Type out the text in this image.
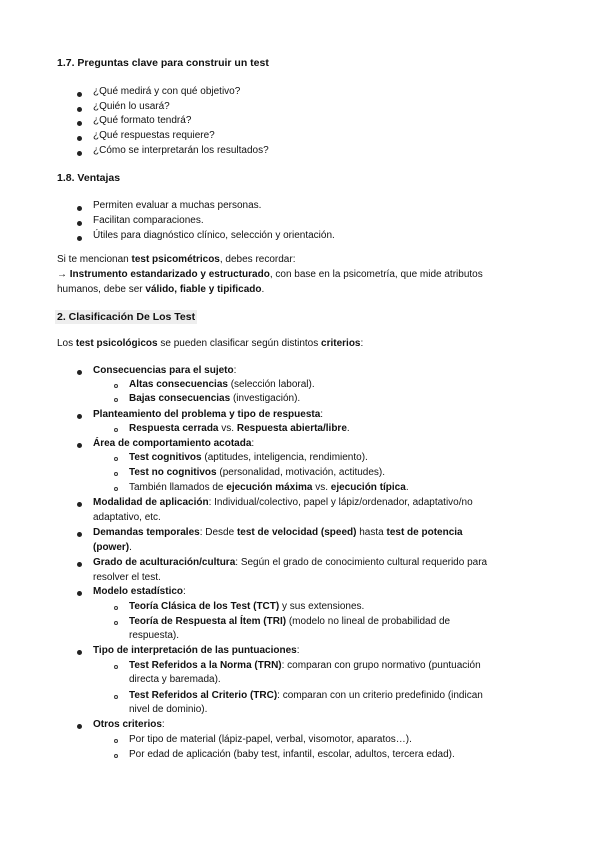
1.7. Preguntas clave para construir un test

¿Qué medirá y con qué objetivo?

¿Quién lo usará?

¿Qué formato tendrá?

¿Qué respuestas requiere?

¿Cómo se interpretarán los resultados?

1.8. Ventajas

Permiten evaluar a muchas personas.

Facilitan comparaciones.

Útiles para diagnóstico clínico, selección y orientación.

Si te mencionan test psicométricos, debes recordar:

→ Instrumento estandarizado y estructurado, con base en la psicometría, que mide atributos

humanos, debe ser válido, fiable y tipificado.

2. Clasificación De Los Test

Los test psicológicos se pueden clasificar según distintos criterios:

Consecuencias para el sujeto:

Altas consecuencias (selección laboral).

Bajas consecuencias (investigación).

Planteamiento del problema y tipo de respuesta:

Respuesta cerrada vs. Respuesta abierta/libre.

Área de comportamiento acotada:

Test cognitivos (aptitudes, inteligencia, rendimiento).

Test no cognitivos (personalidad, motivación, actitudes).

También llamados de ejecución máxima vs. ejecución típica.

Modalidad de aplicación: Individual/colectivo, papel y lápiz/ordenador, adaptativo/no

adaptativo, etc.

Demandas temporales: Desde test de velocidad (speed) hasta test de potencia

(power).

Grado de aculturación/cultura: Según el grado de conocimiento cultural requerido para

resolver el test.

Modelo estadístico:

Teoría Clásica de los Test (TCT) y sus extensiones.

Teoría de Respuesta al Ítem (TRI) (modelo no lineal de probabilidad de

respuesta).

Tipo de interpretación de las puntuaciones:

Test Referidos a la Norma (TRN): comparan con grupo normativo (puntuación

directa y baremada).

Test Referidos al Criterio (TRC): comparan con un criterio predefinido (indican

nivel de dominio).

Otros criterios:

Por tipo de material (lápiz-papel, verbal, visomotor, aparatos…).

Por edad de aplicación (baby test, infantil, escolar, adultos, tercera edad).
